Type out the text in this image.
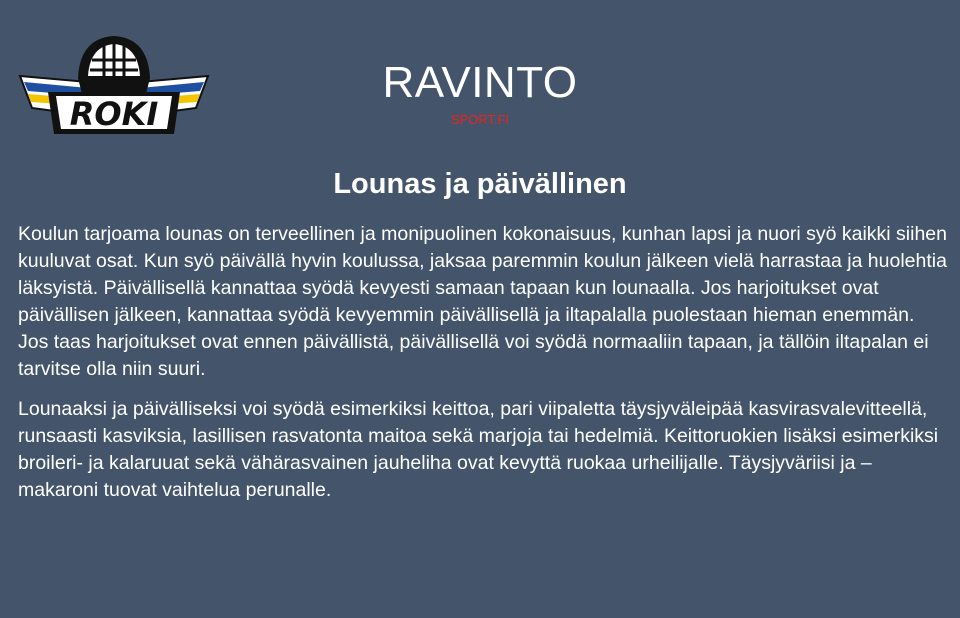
ROKI
RAVINTO
SPORT.FI
Lounas ja päivällinen

Koulun tarjoama lounas on terveellinen ja monipuolinen kokonaisuus, kunhan lapsi ja nuori syö kaikki siihen kuuluvat osat. Kun syö päivällä hyvin koulussa, jaksaa paremmin koulun jälkeen vielä harrastaa ja huolehtia läksyistä. Päivällisellä kannattaa syödä kevyesti samaan tapaan kun lounaalla. Jos harjoitukset ovat päivällisen jälkeen, kannattaa syödä kevyemmin päivällisellä ja iltapalalla puolestaan hieman enemmän. Jos taas harjoitukset ovat ennen päivällistä, päivällisellä voi syödä normaaliin tapaan, ja tällöin iltapalan ei tarvitse olla niin suuri.

Lounaaksi ja päivälliseksi voi syödä esimerkiksi keittoa, pari viipaletta täysjyväleipää kasvirasvalevitteellä, runsaasti kasviksia, lasillisen rasvatonta maitoa sekä marjoja tai hedelmiä. Keittoruokien lisäksi esimerkiksi broileri- ja kalaruuat sekä vähärasvainen jauheliha ovat kevyttä ruokaa urheilijalle. Täysjyväriisi ja – makaroni tuovat vaihtelua perunalle.
